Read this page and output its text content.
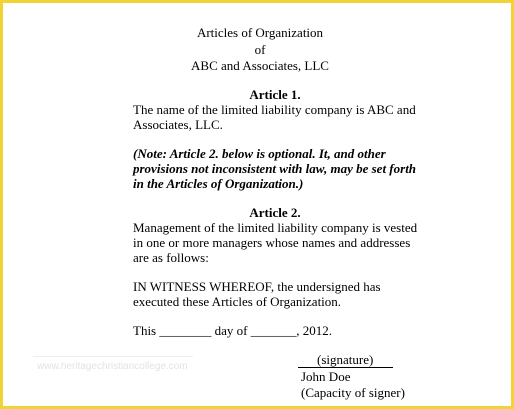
Articles of Organization

of

ABC and Associates, LLC

Article 1.

The name of the limited liability company is ABC and

Associates, LLC.

(Note: Article 2. below is optional. It, and other

provisions not inconsistent with law, may be set forth

in the Articles of Organization.)

Article 2.

Management of the limited liability company is vested

in one or more managers whose names and addresses

are as follows:

IN WITNESS WHEREOF, the undersigned has

executed these Articles of Organization.

This ________ day of _______, 2012.

www.heritagechristiancollege.com	(signature)

John Doe

(Capacity of signer)
